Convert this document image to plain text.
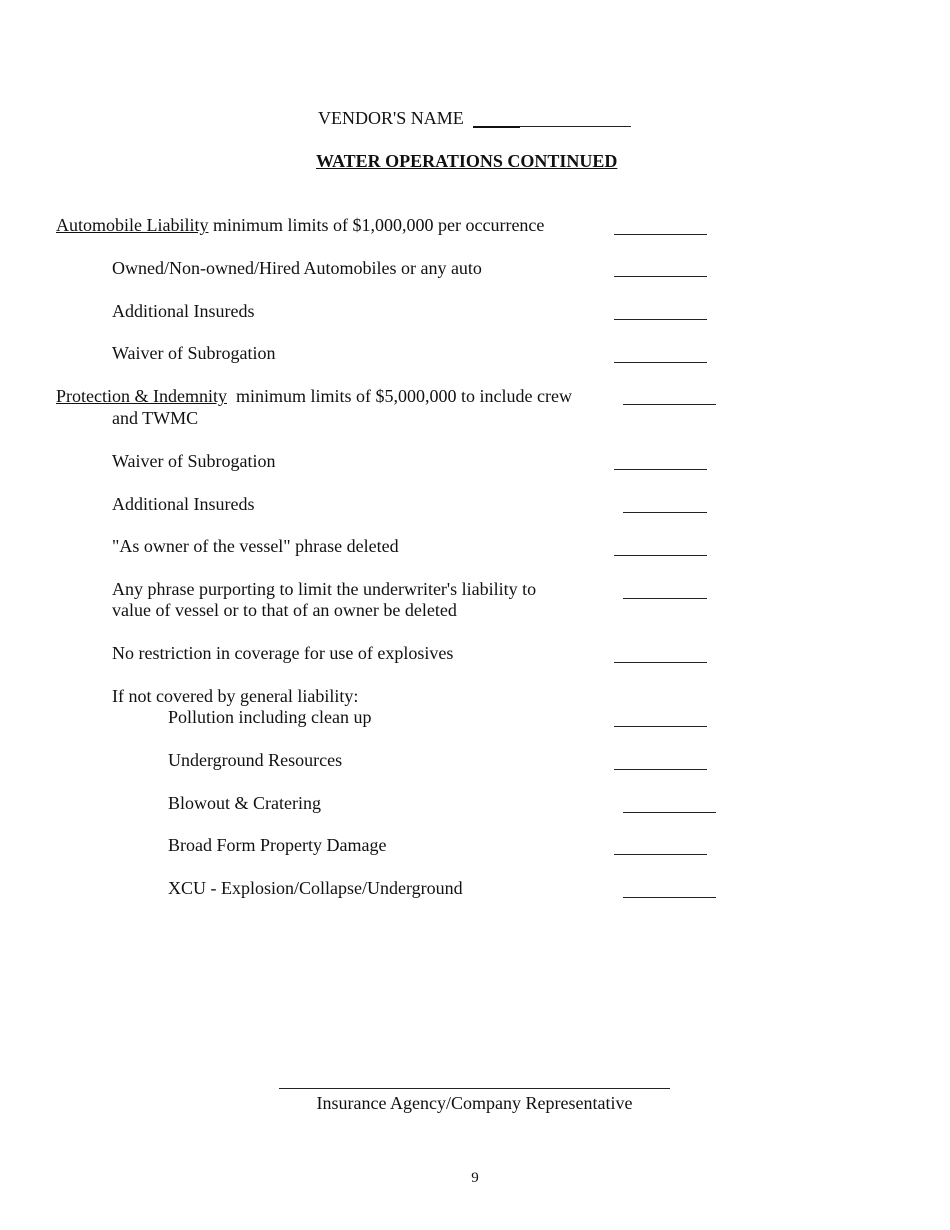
VENDOR'S NAME
WATER OPERATIONS CONTINUED
Automobile Liability minimum limits of $1,000,000 per occurrence
Owned/Non-owned/Hired Automobiles or any auto
Additional Insureds
Waiver of Subrogation
Protection & Indemnity  minimum limits of $5,000,000 to include crew
and TWMC
Waiver of Subrogation
Additional Insureds
"As owner of the vessel" phrase deleted
Any phrase purporting to limit the underwriter's liability to
value of vessel or to that of an owner be deleted
No restriction in coverage for use of explosives
If not covered by general liability:
Pollution including clean up
Underground Resources
Blowout & Cratering
Broad Form Property Damage
XCU - Explosion/Collapse/Underground
Insurance Agency/Company Representative
9
